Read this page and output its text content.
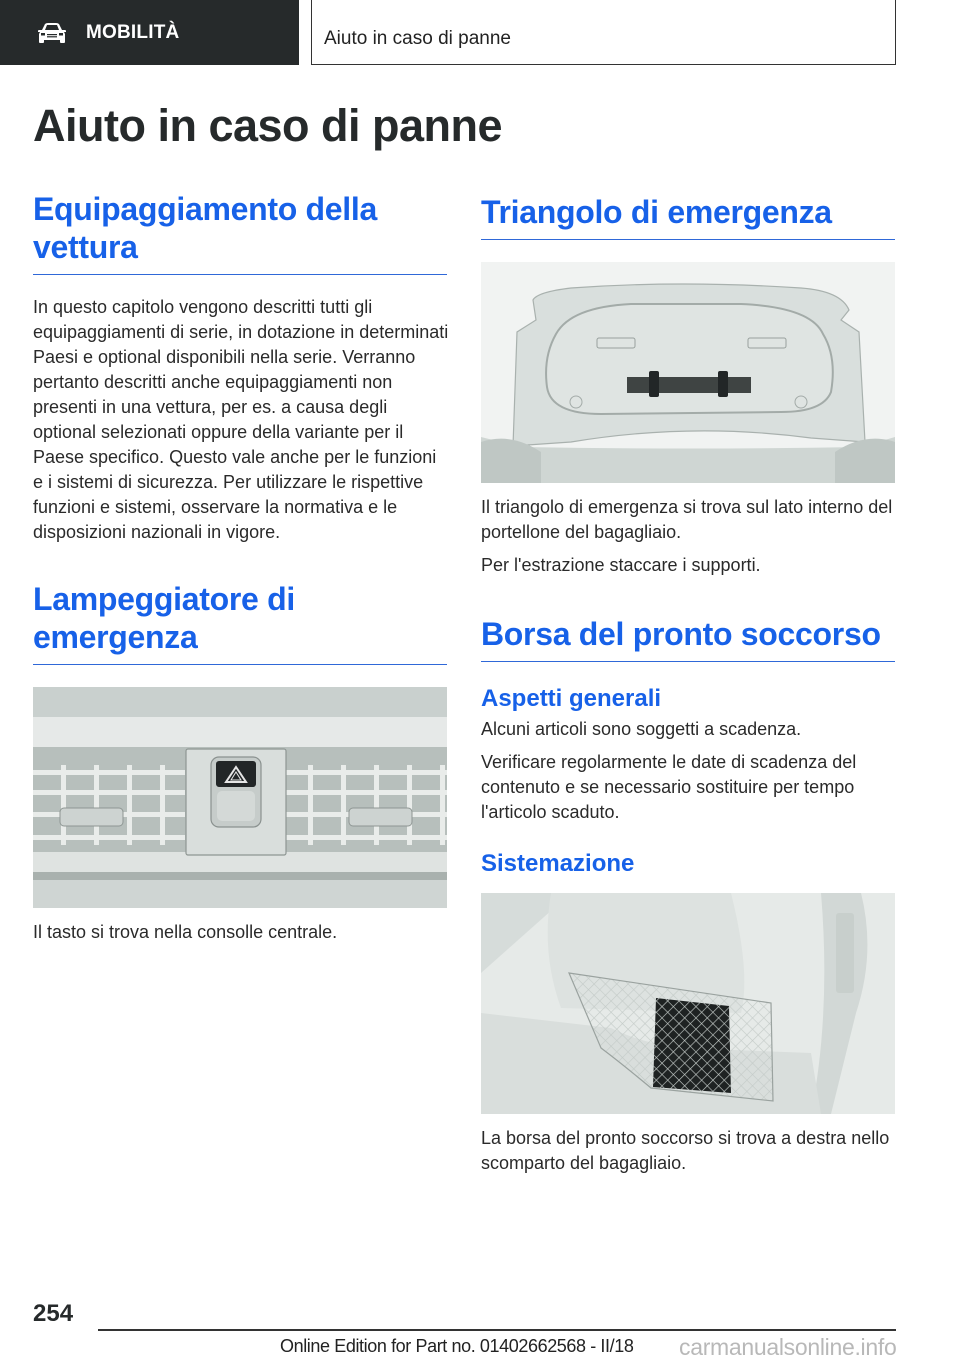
MOBILITÀ	Aiuto in caso di panne
Aiuto in caso di panne
Equipaggiamento della vettura

In questo capitolo vengono descritti tutti gli equipaggiamenti di serie, in dotazione in determinati Paesi e optional disponibili nella serie. Verranno pertanto descritti anche equipaggiamenti non presenti in una vettura, per es. a causa degli optional selezionati oppure della variante per il Paese specifico. Questo vale anche per le funzioni e i sistemi di sicurezza. Per utilizzare le rispettive funzioni e sistemi, osservare la normativa e le disposizioni nazionali in vigore.

Lampeggiatore di emergenza

Il tasto si trova nella consolle centrale.

Triangolo di emergenza

Il triangolo di emergenza si trova sul lato interno del portellone del bagagliaio.

Per l'estrazione staccare i supporti.

Borsa del pronto soccorso
Aspetti generali

Alcuni articoli sono soggetti a scadenza.

Verificare regolarmente le date di scadenza del contenuto e se necessario sostituire per tempo l'articolo scaduto.

Sistemazione

La borsa del pronto soccorso si trova a destra nello scomparto del bagagliaio.

254
Online Edition for Part no. 01402662568 - II/18 carmanualsonline.info
